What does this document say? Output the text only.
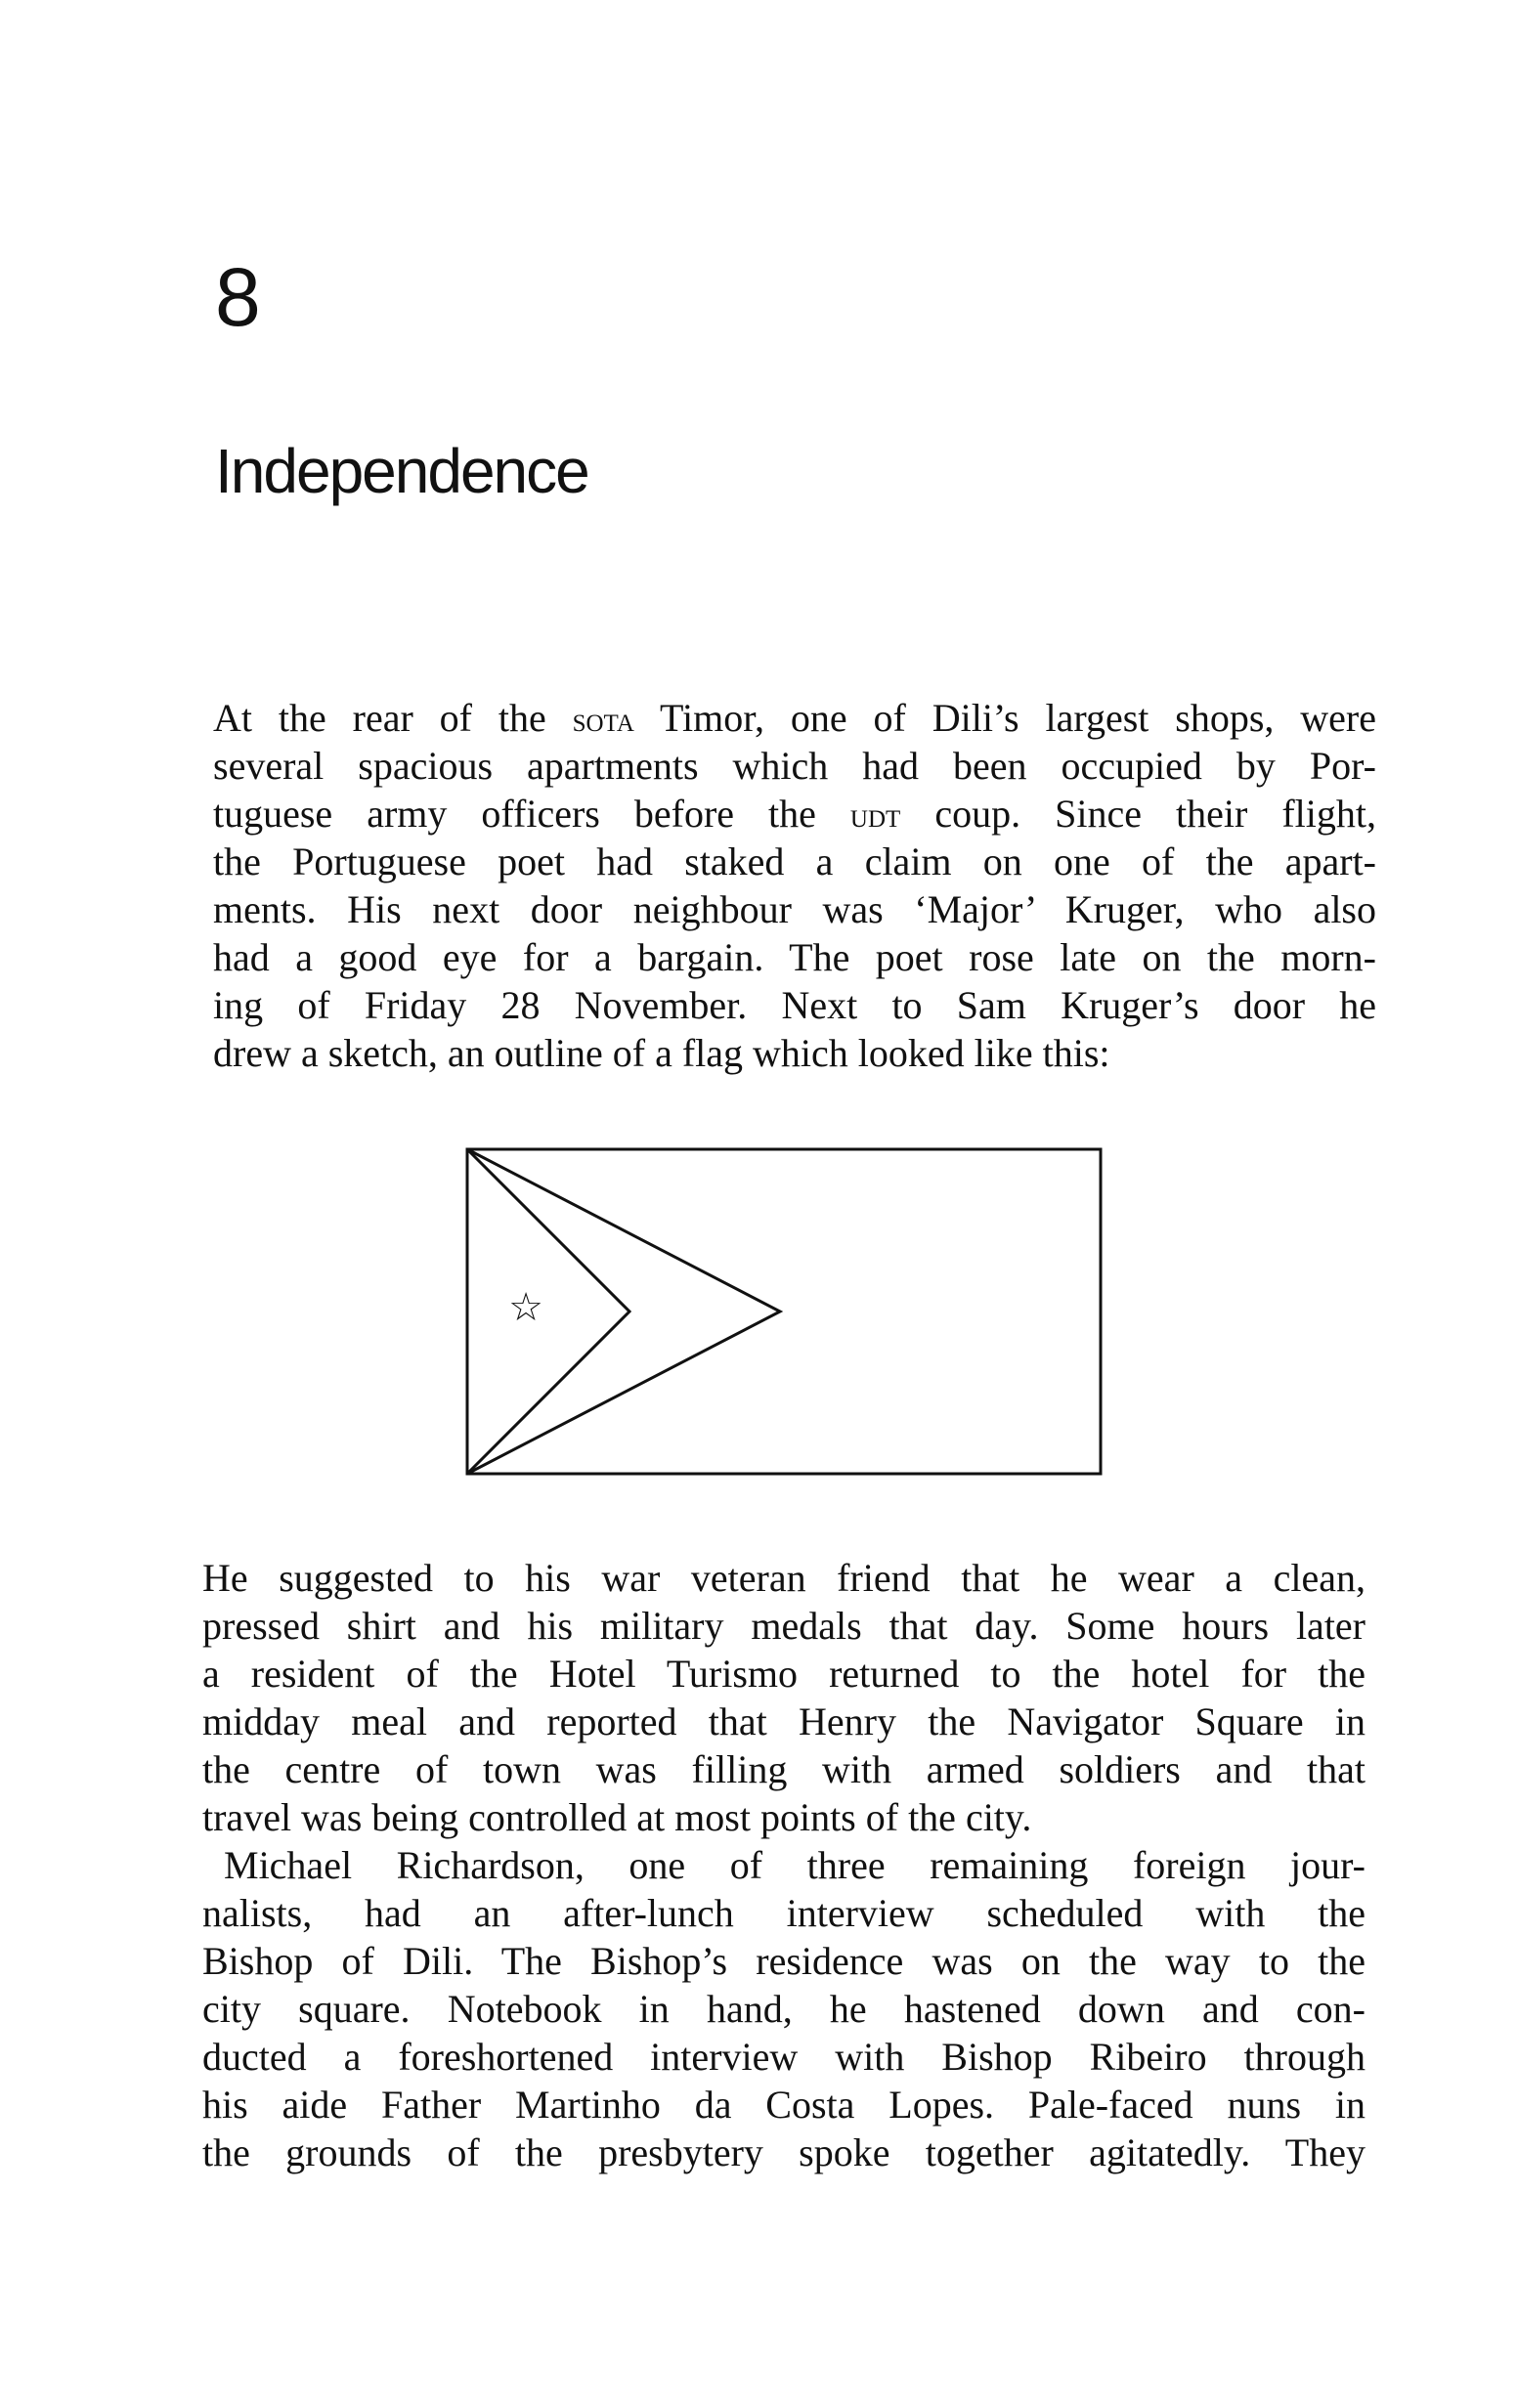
8
Independence
At the rear of the sota Timor, one of Dili’s largest shops, were
several spacious apartments which had been occupied by Por-
tuguese army officers before the udt coup. Since their flight,
the Portuguese poet had staked a claim on one of the apart-
ments. His next door neighbour was ‘Major’ Kruger, who also
had a good eye for a bargain. The poet rose late on the morn-
ing of Friday 28 November. Next to Sam Kruger’s door he
drew a sketch, an outline of a flag which looked like this:
☆
He suggested to his war veteran friend that he wear a clean,
pressed shirt and his military medals that day. Some hours later
a resident of the Hotel Turismo returned to the hotel for the
midday meal and reported that Henry the Navigator Square in
the centre of town was filling with armed soldiers and that
travel was being controlled at most points of the city.
Michael Richardson, one of three remaining foreign jour-
nalists, had an after-lunch interview scheduled with the
Bishop of Dili. The Bishop’s residence was on the way to the
city square. Notebook in hand, he hastened down and con-
ducted a foreshortened interview with Bishop Ribeiro through
his aide Father Martinho da Costa Lopes. Pale-faced nuns in
the grounds of the presbytery spoke together agitatedly. They
